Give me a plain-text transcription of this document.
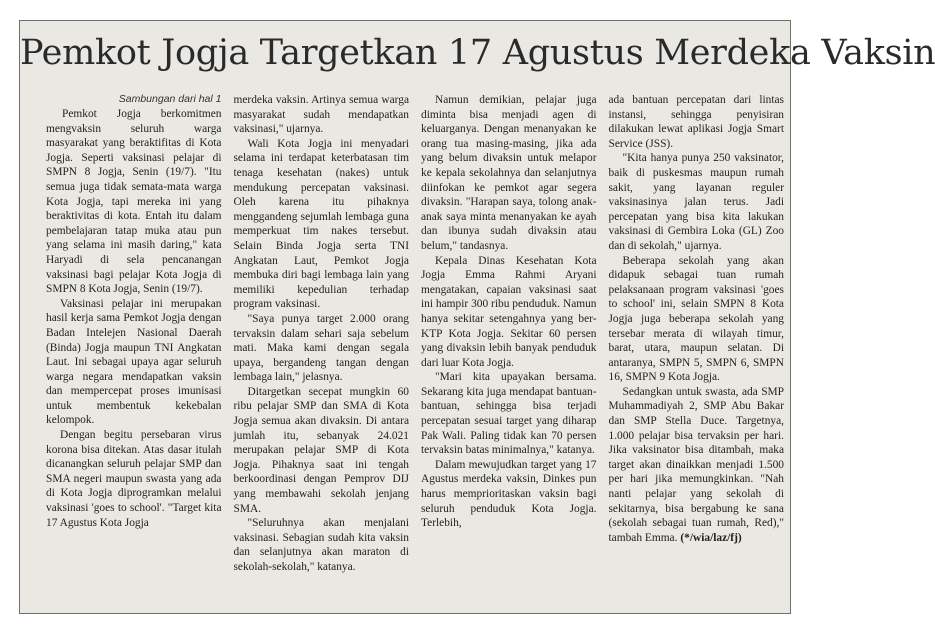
Pemkot Jogja Targetkan 17 Agustus Merdeka Vaksin
Sambungan dari hal 1

Pemkot Jogja berkomitmen mengvaksin seluruh warga masyarakat yang beraktifitas di Kota Jogja. Seperti vaksinasi pelajar di SMPN 8 Jogja, Senin (19/7). "Itu semua juga tidak semata-mata warga Kota Jogja, tapi mereka ini yang beraktivitas di kota. Entah itu dalam pembelajaran tatap muka atau pun yang selama ini masih daring," kata Haryadi di sela pencanangan vaksinasi bagi pelajar Kota Jogja di SMPN 8 Kota Jogja, Senin (19/7).

Vaksinasi pelajar ini merupakan hasil kerja sama Pemkot Jogja dengan Badan Intelejen Nasional Daerah (Binda) Jogja maupun TNI Angkatan Laut. Ini sebagai upaya agar seluruh warga negara mendapatkan vaksin dan mempercepat proses imunisasi untuk membentuk kekebalan kelompok.

Dengan begitu persebaran virus korona bisa ditekan. Atas dasar itulah dicanangkan seluruh pelajar SMP dan SMA negeri maupun swasta yang ada di Kota Jogja diprogramkan melalui vaksinasi 'goes to school'. "Target kita 17 Agustus Kota Jogja

merdeka vaksin. Artinya semua warga masyarakat sudah mendapatkan vaksinasi," ujarnya.

Wali Kota Jogja ini menyadari selama ini terdapat keterbatasan tim tenaga kesehatan (nakes) untuk mendukung percepatan vaksinasi. Oleh karena itu pihaknya menggandeng sejumlah lembaga guna memperkuat tim nakes tersebut. Selain Binda Jogja serta TNI Angkatan Laut, Pemkot Jogja membuka diri bagi lembaga lain yang memiliki kepedulian terhadap program vaksinasi.

"Saya punya target 2.000 orang tervaksin dalam sehari saja sebelum mati. Maka kami dengan segala upaya, bergandeng tangan dengan lembaga lain," jelasnya.

Ditargetkan secepat mungkin 60 ribu pelajar SMP dan SMA di Kota Jogja semua akan divaksin. Di antara jumlah itu, sebanyak 24.021 merupakan pelajar SMP di Kota Jogja. Pihaknya saat ini tengah berkoordinasi dengan Pemprov DIJ yang membawahi sekolah jenjang SMA.

"Seluruhnya akan menjalani vaksinasi. Sebagian sudah kita vaksin dan selanjutnya akan maraton di sekolah-sekolah," katanya.

Namun demikian, pelajar juga diminta bisa menjadi agen di keluarganya. Dengan menanyakan ke orang tua masing-masing, jika ada yang belum divaksin untuk melapor ke kepala sekolahnya dan selanjutnya diinfokan ke pemkot agar segera divaksin. "Harapan saya, tolong anak-anak saya minta menanyakan ke ayah dan ibunya sudah divaksin atau belum," tandasnya.

Kepala Dinas Kesehatan Kota Jogja Emma Rahmi Aryani mengatakan, capaian vaksinasi saat ini hampir 300 ribu penduduk. Namun hanya sekitar setengahnya yang ber-KTP Kota Jogja. Sekitar 60 persen yang divaksin lebih banyak penduduk dari luar Kota Jogja.

"Mari kita upayakan bersama. Sekarang kita juga mendapat bantuan-bantuan, sehingga bisa terjadi percepatan sesuai target yang diharap Pak Wali. Paling tidak kan 70 persen tervaksin batas minimalnya," katanya.

Dalam mewujudkan target yang 17 Agustus merdeka vaksin, Dinkes pun harus memprioritaskan vaksin bagi seluruh penduduk Kota Jogja. Terlebih,

ada bantuan percepatan dari lintas instansi, sehingga penyisiran dilakukan lewat aplikasi Jogja Smart Service (JSS).

"Kita hanya punya 250 vaksinator, baik di puskesmas maupun rumah sakit, yang layanan reguler vaksinasinya jalan terus. Jadi percepatan yang bisa kita lakukan vaksinasi di Gembira Loka (GL) Zoo dan di sekolah," ujarnya.

Beberapa sekolah yang akan didapuk sebagai tuan rumah pelaksanaan program vaksinasi 'goes to school' ini, selain SMPN 8 Kota Jogja juga beberapa sekolah yang tersebar merata di wilayah timur, barat, utara, maupun selatan. Di antaranya, SMPN 5, SMPN 6, SMPN 16, SMPN 9 Kota Jogja.

Sedangkan untuk swasta, ada SMP Muhammadiyah 2, SMP Abu Bakar dan SMP Stella Duce. Targetnya, 1.000 pelajar bisa tervaksin per hari. Jika vaksinator bisa ditambah, maka target akan dinaikkan menjadi 1.500 per hari jika memungkinkan. "Nah nanti pelajar yang sekolah di sekitarnya, bisa bergabung ke sana (sekolah sebagai tuan rumah, Red)," tambah Emma. (*/wia/laz/fj)
